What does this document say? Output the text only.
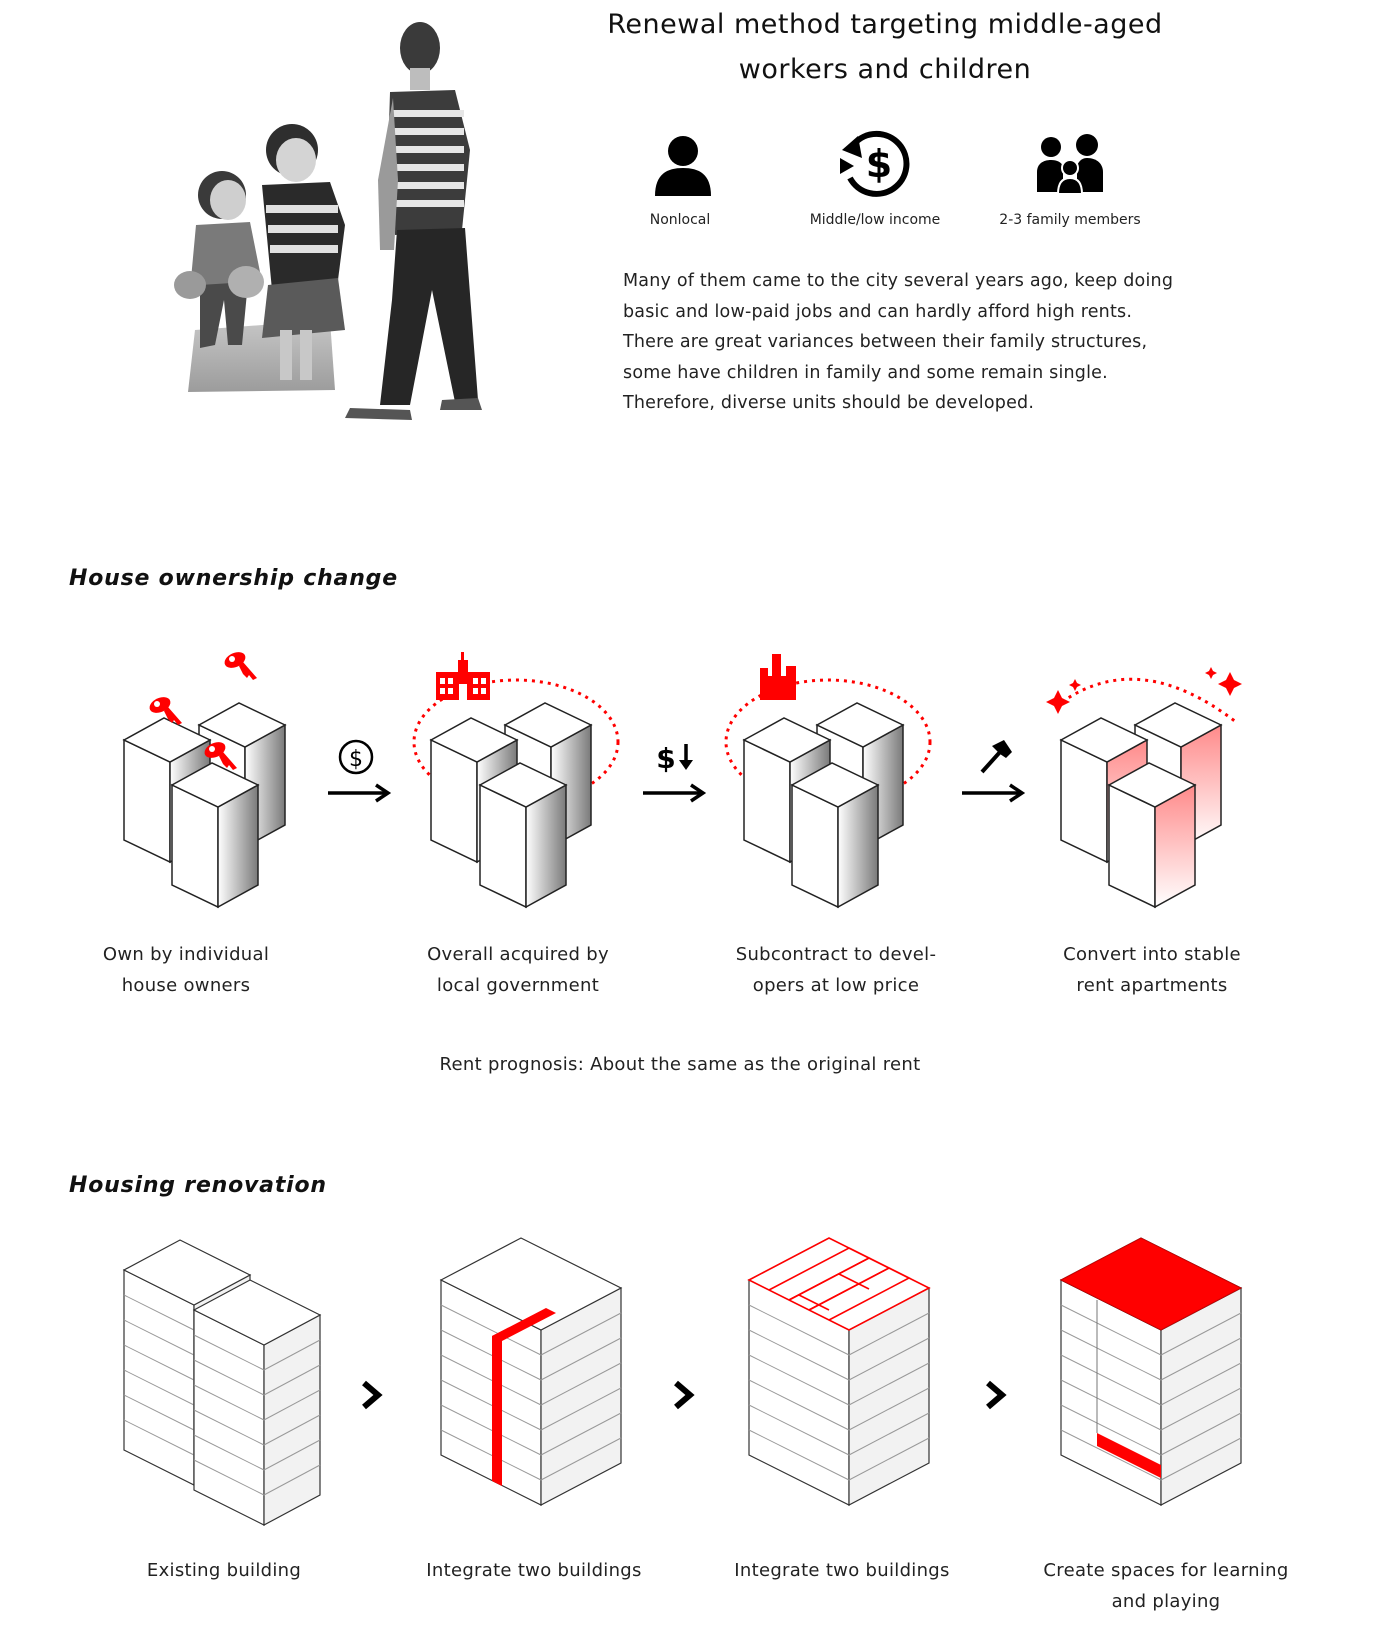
Renewal method targeting middle-aged
workers and children
$
Nonlocal	Middle/low income	2-3 family members
Many of them came to the city several years ago, keep doing basic and low-paid jobs and can hardly afford high rents. There are great variances between their family structures, some have children in family and some remain single. Therefore, diverse units should be developed.
House ownership change
$	$
Own by individual
house owners
Overall acquired by
local government
Subcontract to devel-
opers at low price
Convert into stable
rent apartments
Rent prognosis: About the same as the original rent
Housing renovation
Existing building	Integrate two buildings	Integrate two buildings	Create spaces for learning
and playing
